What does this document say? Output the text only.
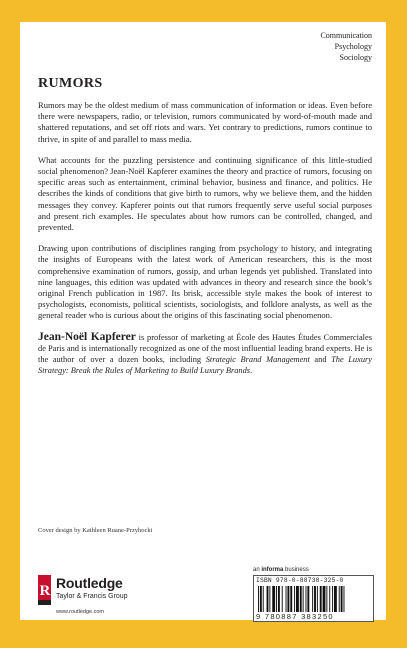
Communication
Psychology
Sociology
RUMORS

Rumors may be the oldest medium of mass communication of information or ideas. Even before there were newspapers, radio, or television, rumors communicated by word-of-mouth made and shattered reputations, and set off riots and wars. Yet contrary to predictions, rumors continue to thrive, in spite of and parallel to mass media.

What accounts for the puzzling persistence and continuing significance of this little-studied social phenomenon? Jean-Noël Kapferer examines the theory and practice of rumors, focusing on specific areas such as entertainment, criminal behavior, business and finance, and politics. He describes the kinds of conditions that give birth to rumors, why we believe them, and the hidden messages they convey. Kapferer points out that rumors frequently serve useful social purposes and present rich examples. He speculates about how rumors can be controlled, changed, and prevented.

Drawing upon contributions of disciplines ranging from psychology to history, and integrating the insights of Europeans with the latest work of American researchers, this is the most comprehensive examination of rumors, gossip, and urban legends yet published. Translated into nine languages, this edition was updated with advances in theory and research since the book’s original French publication in 1987. Its brisk, accessible style makes the book of interest to psychologists, economists, political scientists, sociologists, and folklore analysts, as well as the general reader who is curious about the origins of this fascinating social phenomenon.

Jean-Noël Kapferer is professor of marketing at École des Hautes Études Commerciales de Paris and is internationally recognized as one of the most influential leading brand experts. He is the author of over a dozen books, including Strategic Brand Management and The Luxury Strategy: Break the Rules of Marketing to Build Luxury Brands.

Cover design by Kathleen Ruane-Przyhocki
R Routledge
Taylor & Francis Group
www.routledge.com
an informa business
ISBN 978-0-88738-325-0
9 780887 383250
